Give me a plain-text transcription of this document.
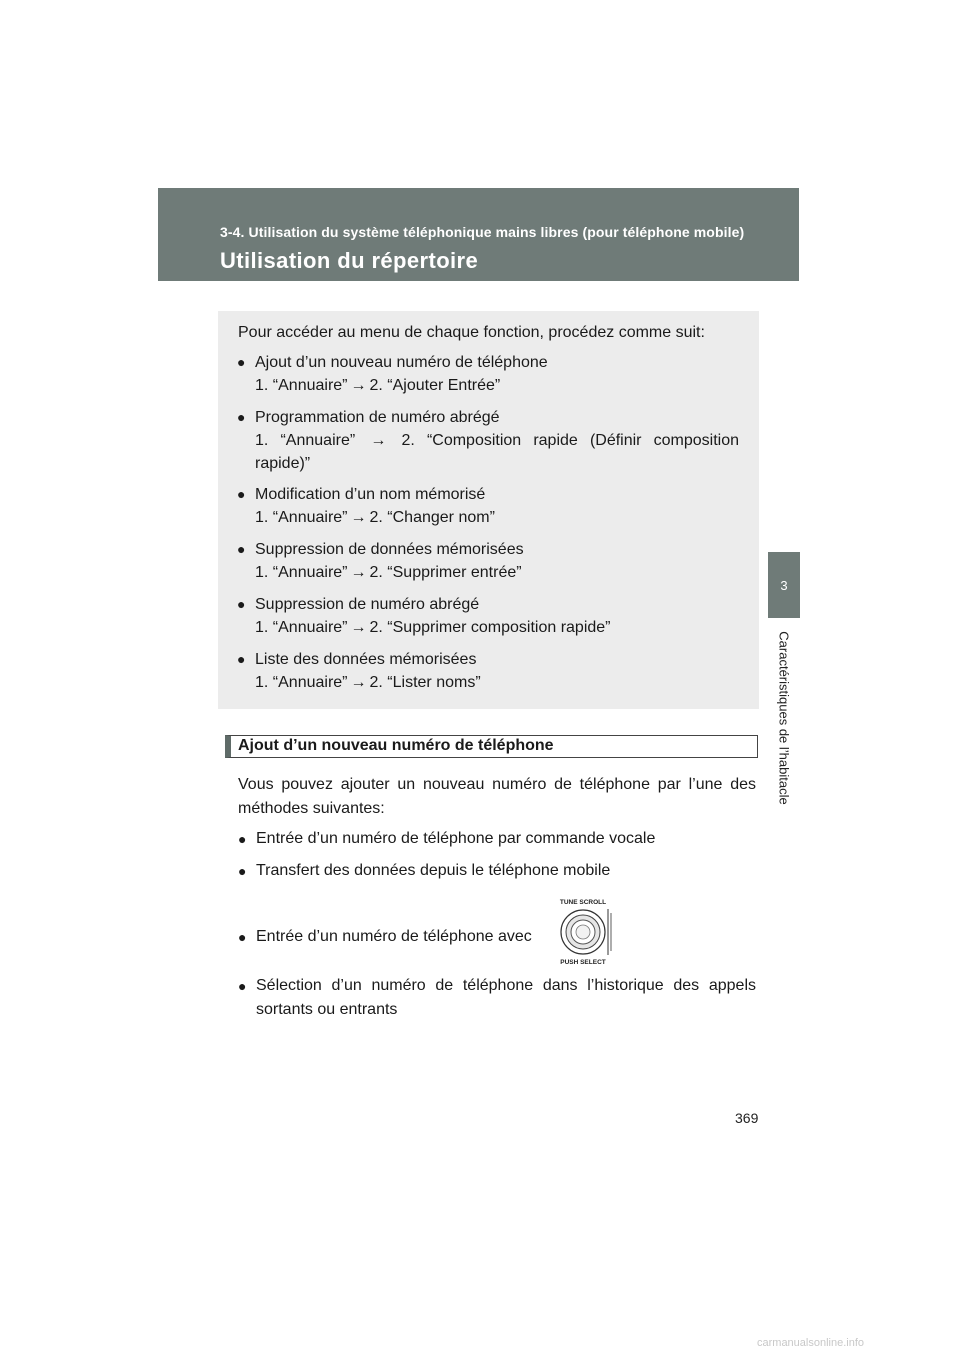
3-4. Utilisation du système téléphonique mains libres (pour téléphone mobile)
Utilisation du répertoire
3
Caractéristiques de l’habitacle
Pour accéder au menu de chaque fonction, procédez comme suit:
● Ajout d’un nouveau numéro de téléphone
1. “Annuaire” → 2. “Ajouter Entrée”
● Programmation de numéro abrégé
1. “Annuaire” → 2. “Composition rapide (Définir composition
rapide)”
● Modification d’un nom mémorisé
1. “Annuaire” → 2. “Changer nom”
● Suppression de données mémorisées
1. “Annuaire” → 2. “Supprimer entrée”
● Suppression de numéro abrégé
1. “Annuaire” → 2. “Supprimer composition rapide”
● Liste des données mémorisées
1. “Annuaire” → 2. “Lister noms”
Ajout d’un nouveau numéro de téléphone
Vous pouvez ajouter un nouveau numéro de téléphone par l’une des méthodes suivantes:
● Entrée d’un numéro de téléphone par commande vocale
● Transfert des données depuis le téléphone mobile
● Entrée d’un numéro de téléphone avec
● Sélection d’un numéro de téléphone dans l’historique des appels sortants ou entrants
TUNE SCROLL
PUSH SELECT
369
carmanualsonline.info
